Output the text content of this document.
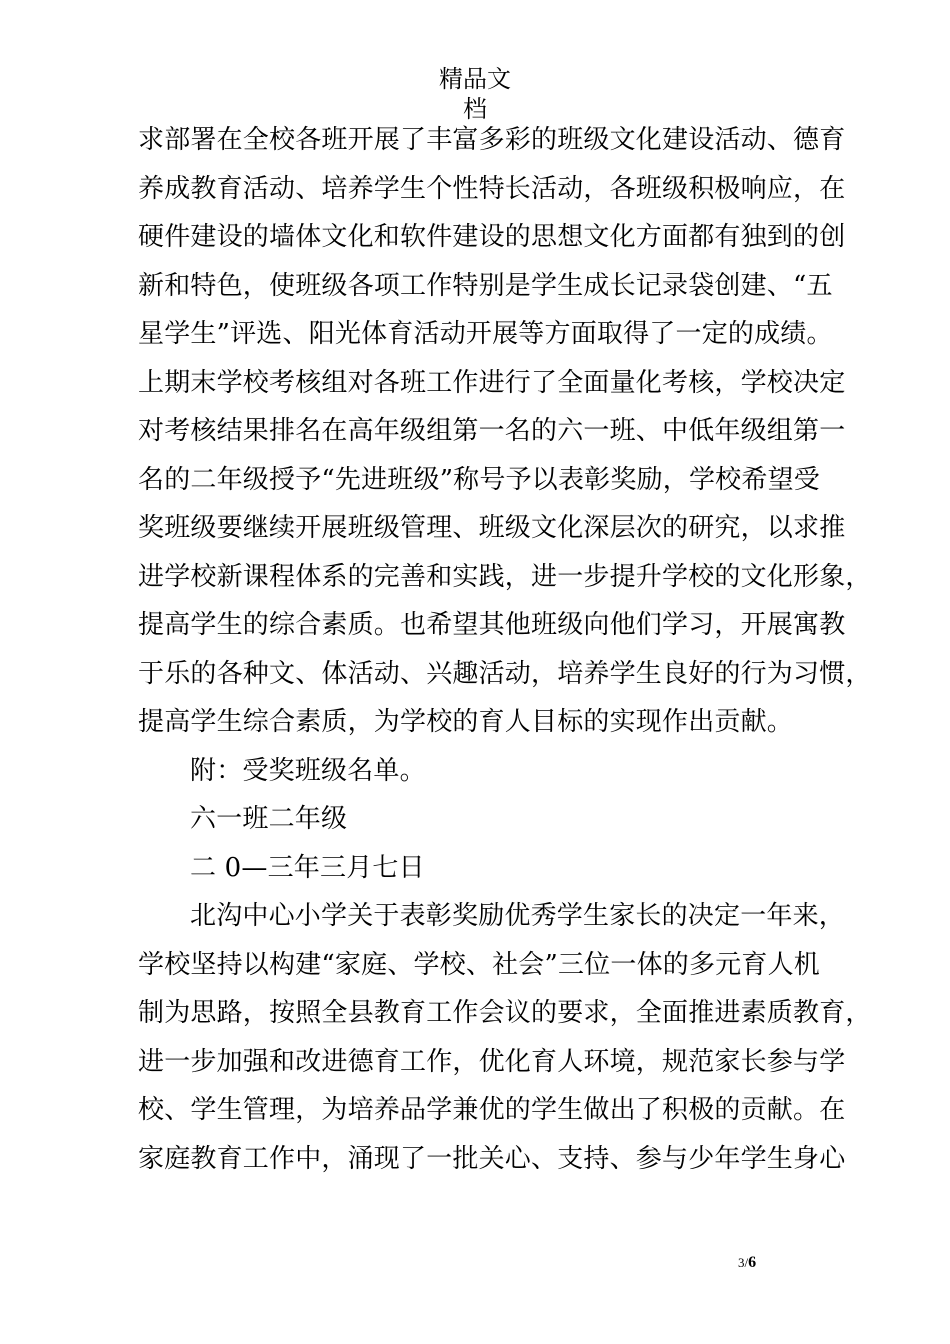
精品文
档
求部署在全校各班开展了丰富多彩的班级文化建设活动、德育
养成教育活动、培养学生个性特长活动，各班级积极响应，在
硬件建设的墙体文化和软件建设的思想文化方面都有独到的创
新和特色，使班级各项工作特别是学生成长记录袋创建、“五
星学生”评选、阳光体育活动开展等方面取得了一定的成绩。
上期末学校考核组对各班工作进行了全面量化考核，学校决定
对考核结果排名在高年级组第一名的六一班、中低年级组第一
名的二年级授予“先进班级”称号予以表彰奖励，学校希望受
奖班级要继续开展班级管理、班级文化深层次的研究，以求推
进学校新课程体系的完善和实践，进一步提升学校的文化形象，
提高学生的综合素质。也希望其他班级向他们学习，开展寓教
于乐的各种文、体活动、兴趣活动，培养学生良好的行为习惯，
提高学生综合素质，为学校的育人目标的实现作出贡献。
附：受奖班级名单。
六一班二年级
二 0—三年三月七日
北沟中心小学关于表彰奖励优秀学生家长的决定一年来，
学校坚持以构建“家庭、学校、社会”三位一体的多元育人机
制为思路，按照全县教育工作会议的要求，全面推进素质教育，
进一步加强和改进德育工作，优化育人环境，规范家长参与学
校、学生管理，为培养品学兼优的学生做出了积极的贡献。在
家庭教育工作中，涌现了一批关心、支持、参与少年学生身心
3/6
